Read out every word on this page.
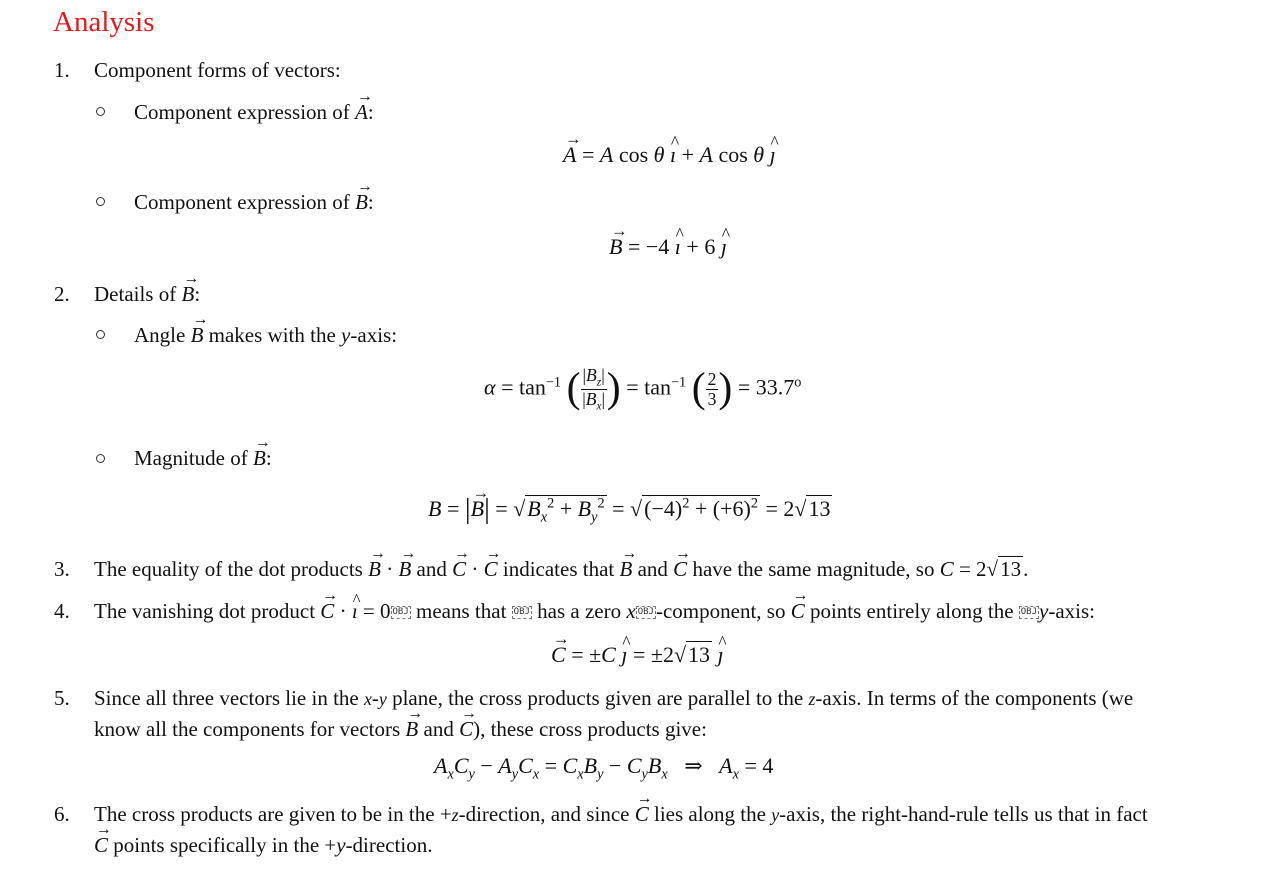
Analysis
1. Component forms of vectors:
Component expression of → A:
→ A = A cos θ ^ ı + A cos θ ^ ȷ
Component expression of → B:
→ B = −4 ^ ı + 6 ^ ȷ
2. Details of → B:
Angle → B makes with the y-axis:
$\alpha = \tan^{-1}$ ( $\frac{|B_z|}{|B_x|}$ ) = $\tan^{-1}$ ( $\frac{2}{3}$ ) = $33.7^o$
Magnitude of → B:
B = |→ $B| = √B_x^2 + B_y^2 = √(-4)^2 + (+6)^2 = 2√13$
3. The equality of the dot products → B · → B and → C · → C indicates that → B and → C have the same magnitude, so C = 2√13.
4. The vanishing dot product → C · ^ ı = 0 OBJ means that OBJ has a zero x OBJ-component, so → C points entirely along the OBJy-axis:
→ C = ±C ^ ȷ = ±2√13 ^ ȷ
5. Since all three vectors lie in the x-y plane, the cross products given are parallel to the z-axis. In terms of the components (we
know all the components for vectors → B and → C), these cross products give:
$A_xC_y - A_yC_x = C_xB_y - C_yB_x$   ⇒   $A_x = 4$
6. The cross products are given to be in the +z-direction, and since → C lies along the y-axis, the right-hand-rule tells us that in fact
→ C points specifically in the +y-direction.
